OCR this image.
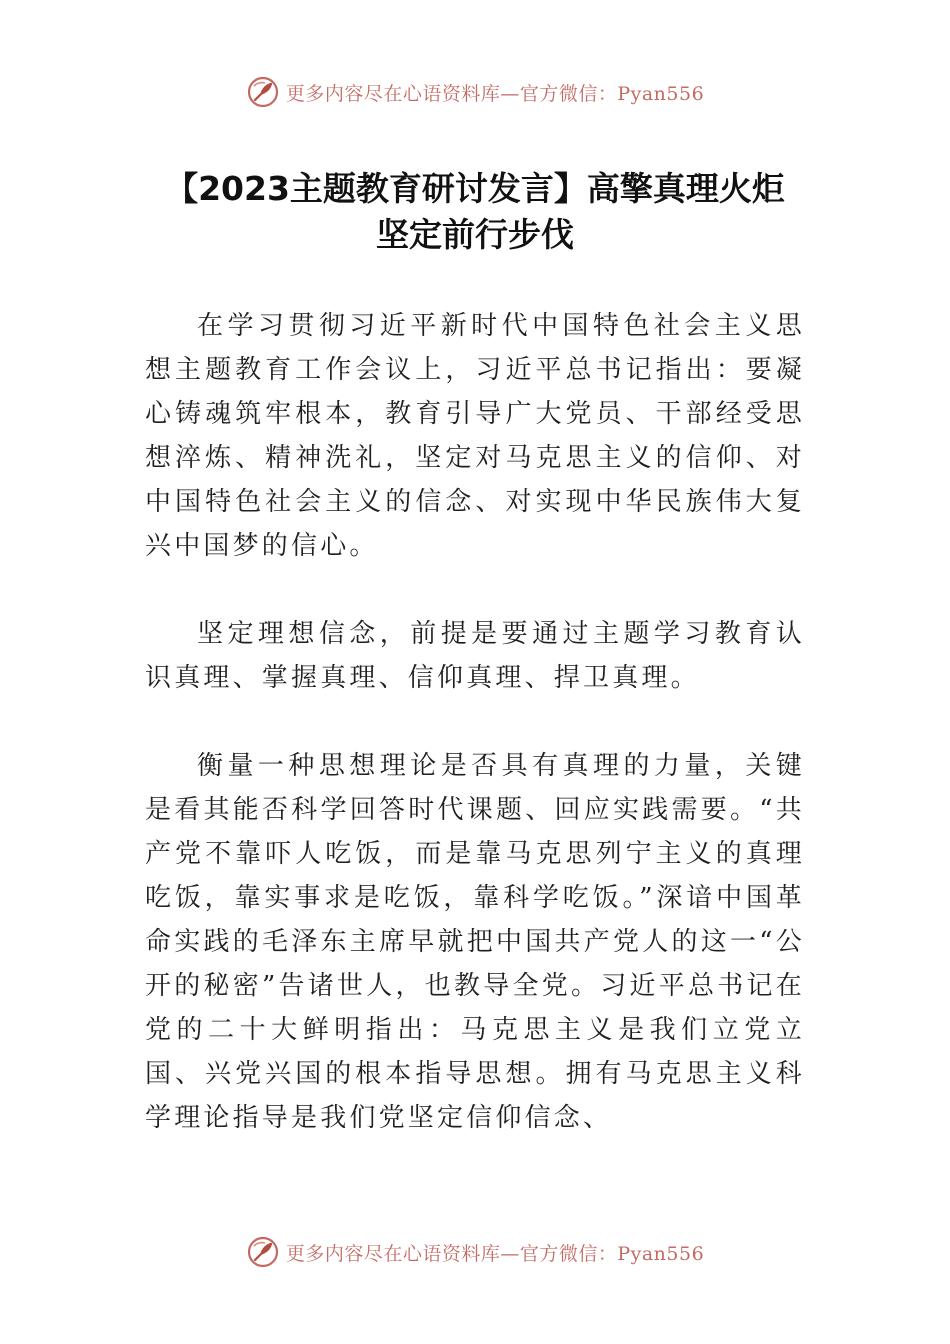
更多内容尽在心语资料库—官方微信：Pyan556
【2023主题教育研讨发言】高擎真理火炬
坚定前行步伐

在学习贯彻习近平新时代中国特色社会主义思想主题教育工作会议上，习近平总书记指出：要凝心铸魂筑牢根本，教育引导广大党员、干部经受思想淬炼、精神洗礼，坚定对马克思主义的信仰、对中国特色社会主义的信念、对实现中华民族伟大复兴中国梦的信心。

坚定理想信念，前提是要通过主题学习教育认识真理、掌握真理、信仰真理、捍卫真理。

衡量一种思想理论是否具有真理的力量，关键是看其能否科学回答时代课题、回应实践需要。“共产党不靠吓人吃饭，而是靠马克思列宁主义的真理吃饭，靠实事求是吃饭，靠科学吃饭。”深谙中国革命实践的毛泽东主席早就把中国共产党人的这一“公开的秘密”告诸世人，也教导全党。习近平总书记在党的二十大鲜明指出：马克思主义是我们立党立国、兴党兴国的根本指导思想。拥有马克思主义科学理论指导是我们党坚定信仰信念、

更多内容尽在心语资料库—官方微信：Pyan556
